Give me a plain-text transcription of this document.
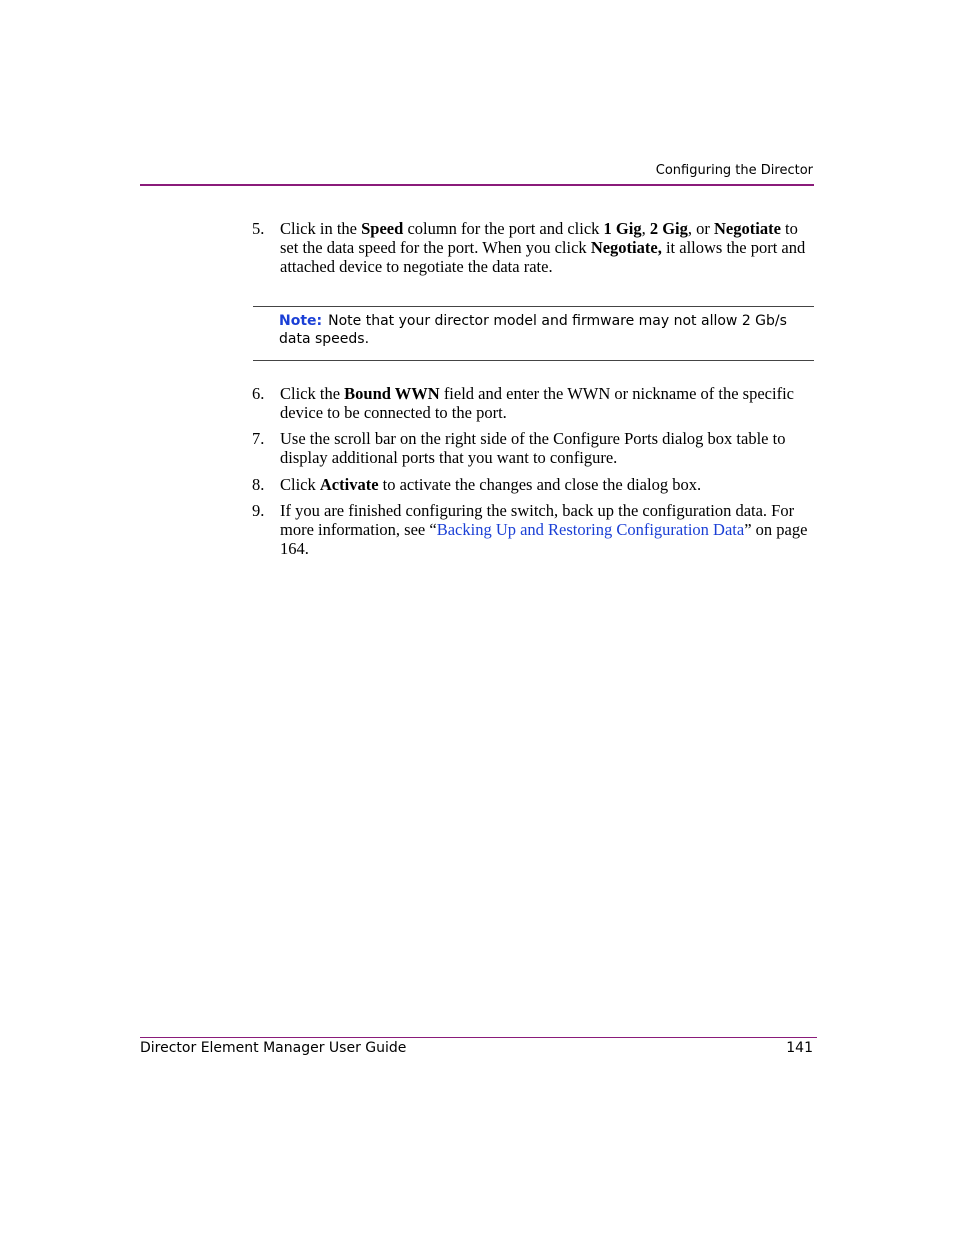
Configuring the Director
5. Click in the Speed column for the port and click 1 Gig, 2 Gig, or Negotiate to set the data speed for the port. When you click Negotiate, it allows the port and attached device to negotiate the data rate.
Note: Note that your director model and firmware may not allow 2 Gb/s data speeds.
6. Click the Bound WWN field and enter the WWN or nickname of the specific device to be connected to the port.
7. Use the scroll bar on the right side of the Configure Ports dialog box table to display additional ports that you want to configure.
8. Click Activate to activate the changes and close the dialog box.
9. If you are finished configuring the switch, back up the configuration data. For more information, see “Backing Up and Restoring Configuration Data” on page 164.
Director Element Manager User Guide	141
